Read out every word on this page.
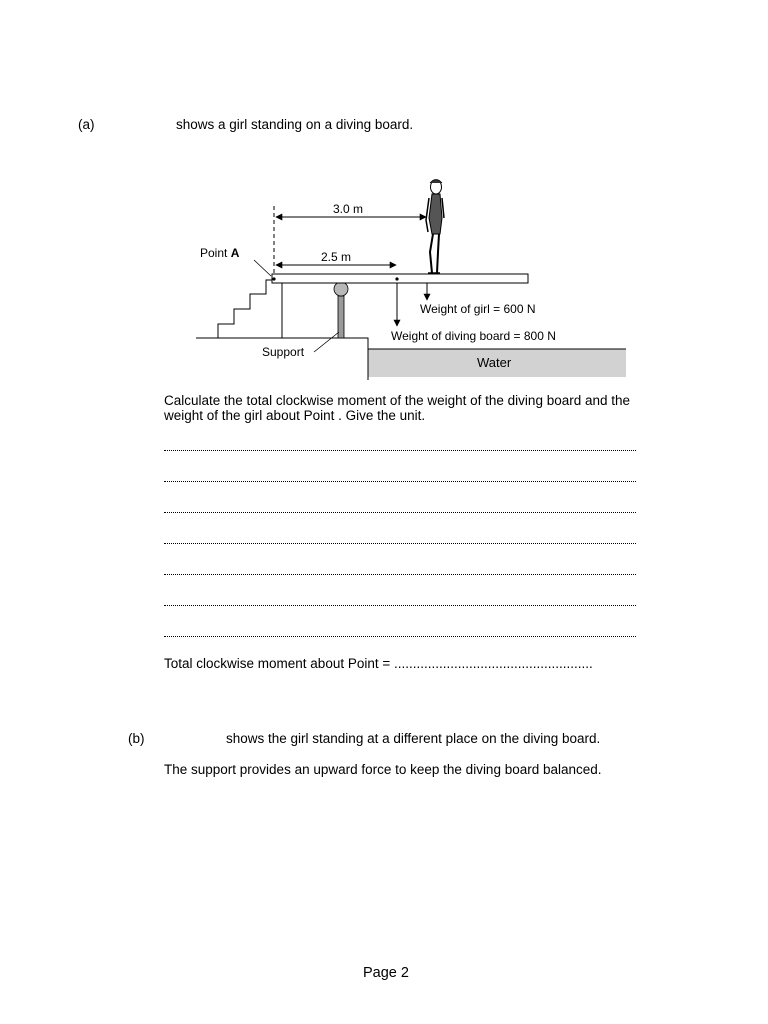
(a)	shows a girl standing on a diving board.
Water
Support
Point A
3.0 m
2.5 m
Weight of girl = 600 N
Weight of diving board = 800 N
Calculate the total clockwise moment of the weight of the diving board and the
weight of the girl about Point . Give the unit.
Total clockwise moment about Point = .....................................................
(b)	shows the girl standing at a different place on the diving board.
The support provides an upward force to keep the diving board balanced.
Page 2
